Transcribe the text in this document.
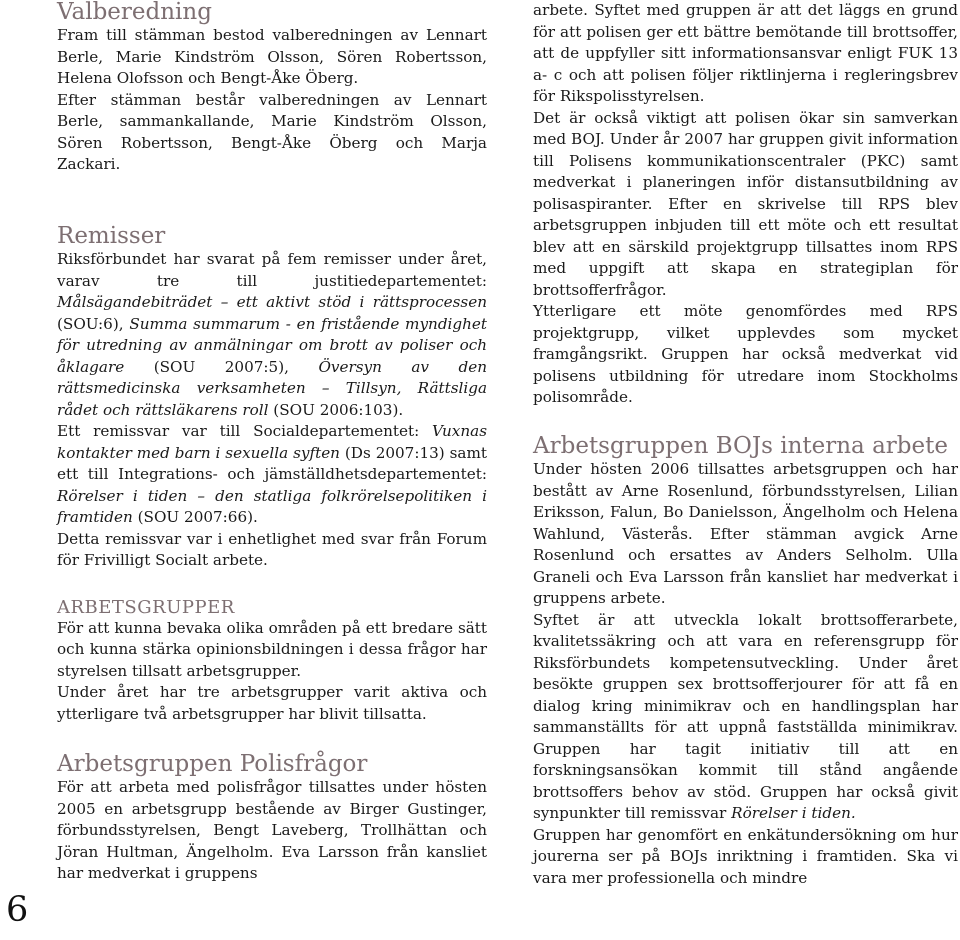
Valberedning

Fram till stämman bestod valberedningen av Lennart Berle, Marie Kindström Olsson, Sören Robertsson, Helena Olofsson och Bengt-Åke Öberg.

Efter stämman består valberedningen av Lennart Berle, sammankallande, Marie Kindström Olsson, Sören Robertsson, Bengt-Åke Öberg och Marja Zackari.

Remisser

Riksförbundet har svarat på fem remisser under året, varav tre till justitiedepartementet: Målsägandebiträdet – ett aktivt stöd i rättsprocessen (SOU:6), Summa summarum - en fristående myndighet för utredning av anmälningar om brott av poliser och åklagare (SOU 2007:5), Översyn av den rättsmedicinska verksamheten – Tillsyn, Rättsliga rådet och rättsläkarens roll (SOU 2006:103).

Ett remissvar var till Socialdepartementet: Vuxnas kontakter med barn i sexuella syften (Ds 2007:13) samt ett till Integrations- och jämställdhetsdepartementet: Rörelser i tiden – den statliga folkrörelsepolitiken i framtiden (SOU 2007:66).

Detta remissvar var i enhetlighet med svar från Forum för Frivilligt Socialt arbete.

ARBETSGRUPPER

För att kunna bevaka olika områden på ett bredare sätt och kunna stärka opinionsbildningen i dessa frågor har styrelsen tillsatt arbetsgrupper.

Under året har tre arbetsgrupper varit aktiva och ytterligare två arbetsgrupper har blivit tillsatta.

Arbetsgruppen Polisfrågor

För att arbeta med polisfrågor tillsattes under hösten 2005 en arbetsgrupp bestående av Birger Gustinger, förbundsstyrelsen, Bengt Laveberg, Trollhättan och Jöran Hultman, Ängelholm. Eva Larsson från kansliet har medverkat i gruppens

arbete. Syftet med gruppen är att det läggs en grund för att polisen ger ett bättre bemötande till brottsoffer, att de uppfyller sitt informationsansvar enligt FUK 13 a- c och att polisen följer riktlinjerna i regleringsbrev för Rikspolisstyrelsen.

Det är också viktigt att polisen ökar sin samverkan med BOJ. Under år 2007 har gruppen givit information till Polisens kommunikationscentraler (PKC) samt medverkat i planeringen inför distansutbildning av polisaspiranter. Efter en skrivelse till RPS blev arbetsgruppen inbjuden till ett möte och ett resultat blev att en särskild projektgrupp tillsattes inom RPS med uppgift att skapa en strategiplan för brottsofferfrågor.

Ytterligare ett möte genomfördes med RPS projektgrupp, vilket upplevdes som mycket framgångsrikt. Gruppen har också medverkat vid polisens utbildning för utredare inom Stockholms polisområde.

Arbetsgruppen BOJs interna arbete

Under hösten 2006 tillsattes arbetsgruppen och har bestått av Arne Rosenlund, förbundsstyrelsen, Lilian Eriksson, Falun, Bo Danielsson, Ängelholm och Helena Wahlund, Västerås. Efter stämman avgick Arne Rosenlund och ersattes av Anders Selholm. Ulla Graneli och Eva Larsson från kansliet har medverkat i gruppens arbete.

Syftet är att utveckla lokalt brottsofferarbete, kvalitetssäkring och att vara en referensgrupp för Riksförbundets kompetensutveckling. Under året besökte gruppen sex brottsofferjourer för att få en dialog kring minimikrav och en handlingsplan har sammanställts för att uppnå fastställda minimikrav. Gruppen har tagit initiativ till att en forskningsansökan kommit till stånd angående brottsoffers behov av stöd. Gruppen har också givit synpunkter till remissvar Rörelser i tiden.

Gruppen har genomfört en enkätundersökning om hur jourerna ser på BOJs inriktning i framtiden. Ska vi vara mer professionella och mindre

6
